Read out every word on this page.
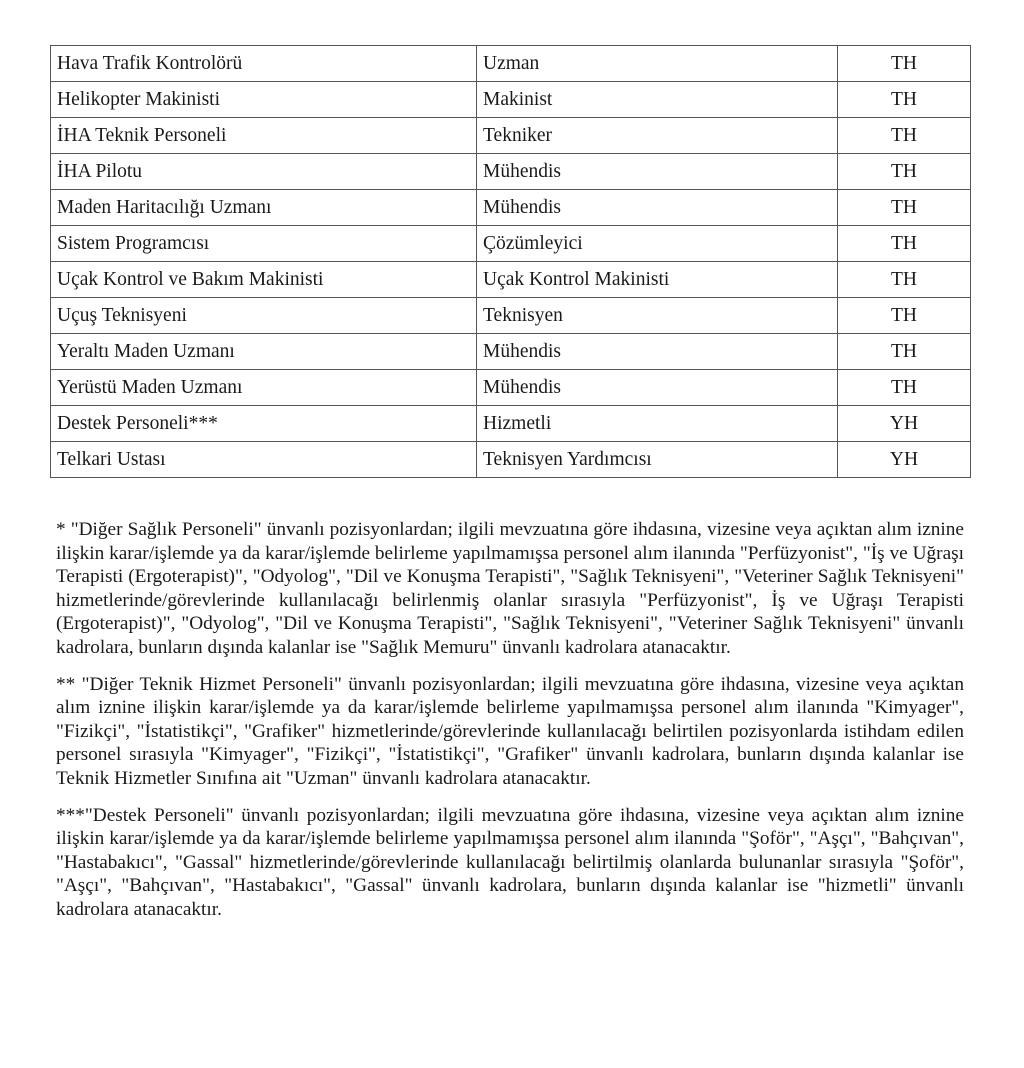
Hava Trafik Kontrolörü	Uzman	TH
Helikopter Makinisti	Makinist	TH
İHA Teknik Personeli	Tekniker	TH
İHA Pilotu	Mühendis	TH
Maden Haritacılığı Uzmanı	Mühendis	TH
Sistem Programcısı	Çözümleyici	TH
Uçak Kontrol ve Bakım Makinisti	Uçak Kontrol Makinisti	TH
Uçuş Teknisyeni	Teknisyen	TH
Yeraltı Maden Uzmanı	Mühendis	TH
Yerüstü Maden Uzmanı	Mühendis	TH
Destek Personeli***	Hizmetli	YH
Telkari Ustası	Teknisyen Yardımcısı	YH

* "Diğer Sağlık Personeli" ünvanlı pozisyonlardan; ilgili mevzuatına göre ihdasına, vizesine veya açıktan alım iznine ilişkin karar/işlemde ya da karar/işlemde belirleme yapılmamışsa personel alım ilanında "Perfüzyonist", "İş ve Uğraşı Terapisti (Ergoterapist)", "Odyolog", "Dil ve Konuşma Terapisti", "Sağlık Teknisyeni", "Veteriner Sağlık Teknisyeni" hizmetlerinde/görevlerinde kullanılacağı belirlenmiş olanlar sırasıyla "Perfüzyonist", İş ve Uğraşı Terapisti (Ergoterapist)", "Odyolog", "Dil ve Konuşma Terapisti", "Sağlık Teknisyeni", "Veteriner Sağlık Teknisyeni" ünvanlı kadrolara, bunların dışında kalanlar ise "Sağlık Memuru" ünvanlı kadrolara atanacaktır.

** "Diğer Teknik Hizmet Personeli" ünvanlı pozisyonlardan; ilgili mevzuatına göre ihdasına, vizesine veya açıktan alım iznine ilişkin karar/işlemde ya da karar/işlemde belirleme yapılmamışsa personel alım ilanında "Kimyager", "Fizikçi", "İstatistikçi", "Grafiker" hizmetlerinde/görevlerinde kullanılacağı belirtilen pozisyonlarda istihdam edilen personel sırasıyla "Kimyager", "Fizikçi", "İstatistikçi", "Grafiker" ünvanlı kadrolara, bunların dışında kalanlar ise Teknik Hizmetler Sınıfına ait "Uzman" ünvanlı kadrolara atanacaktır.

***"Destek Personeli" ünvanlı pozisyonlardan; ilgili mevzuatına göre ihdasına, vizesine veya açıktan alım iznine ilişkin karar/işlemde ya da karar/işlemde belirleme yapılmamışsa personel alım ilanında "Şoför", "Aşçı", "Bahçıvan", "Hastabakıcı", "Gassal" hizmetlerinde/görevlerinde kullanılacağı belirtilmiş olanlarda bulunanlar sırasıyla "Şoför", "Aşçı", "Bahçıvan", "Hastabakıcı", "Gassal" ünvanlı kadrolara, bunların dışında kalanlar ise "hizmetli" ünvanlı kadrolara atanacaktır.
